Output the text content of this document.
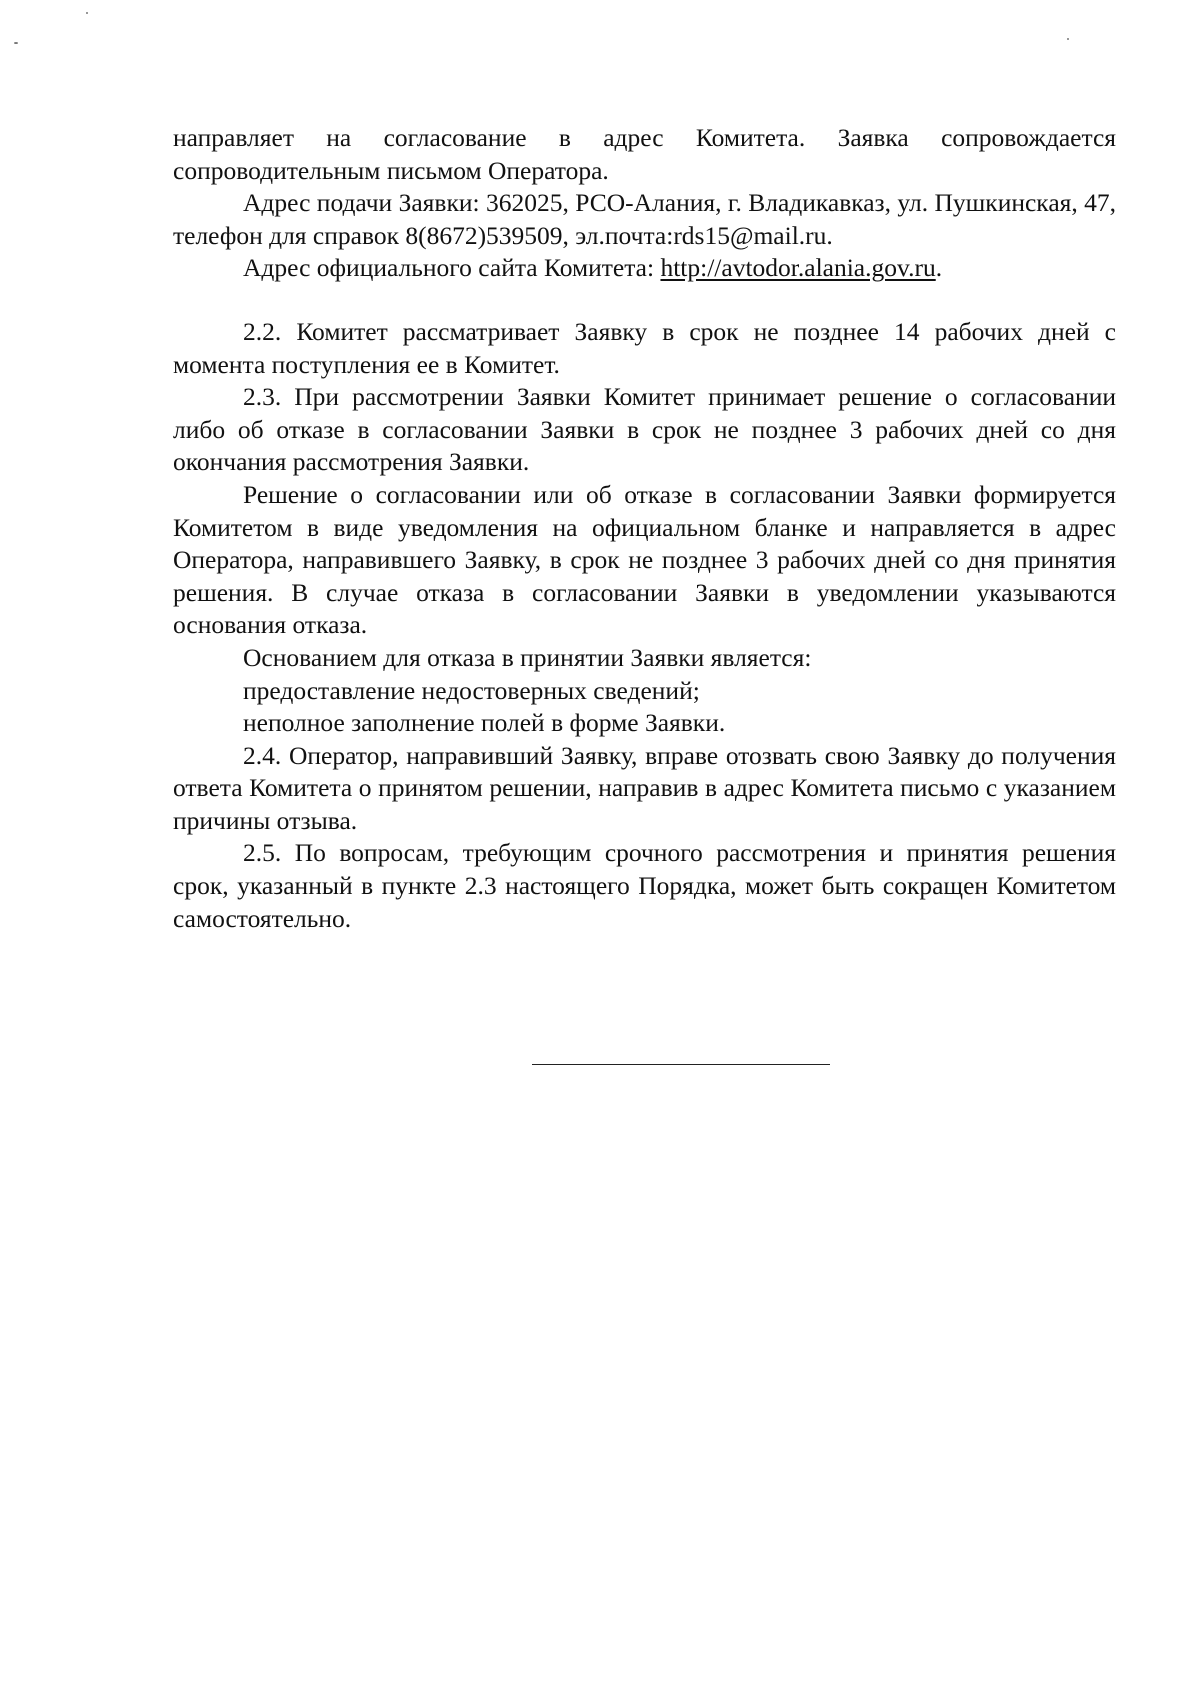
направляет на согласование в адрес Комитета. Заявка сопровождается сопроводительным письмом Оператора.

Адрес подачи Заявки: 362025, РСО-Алания, г. Владикавказ, ул. Пушкинская, 47, телефон для справок 8(8672)539509, эл.почта:rds15@mail.ru.

Адрес официального сайта Комитета: http://avtodor.alania.gov.ru.

2.2. Комитет рассматривает Заявку в срок не позднее 14 рабочих дней с момента поступления ее в Комитет.

2.3. При рассмотрении Заявки Комитет принимает решение о согласовании либо об отказе в согласовании Заявки в срок не позднее 3 рабочих дней со дня окончания рассмотрения Заявки.

Решение о согласовании или об отказе в согласовании Заявки формируется Комитетом в виде уведомления на официальном бланке и направляется в адрес Оператора, направившего Заявку, в срок не позднее 3 рабочих дней со дня принятия решения. В случае отказа в согласовании Заявки в уведомлении указываются основания отказа.

Основанием для отказа в принятии Заявки является:

предоставление недостоверных сведений;

неполное заполнение полей в форме Заявки.

2.4. Оператор, направивший Заявку, вправе отозвать свою Заявку до получения ответа Комитета о принятом решении, направив в адрес Комитета письмо с указанием причины отзыва.

2.5. По вопросам, требующим срочного рассмотрения и принятия решения срок, указанный в пункте 2.3 настоящего Порядка, может быть сокращен Комитетом самостоятельно.
